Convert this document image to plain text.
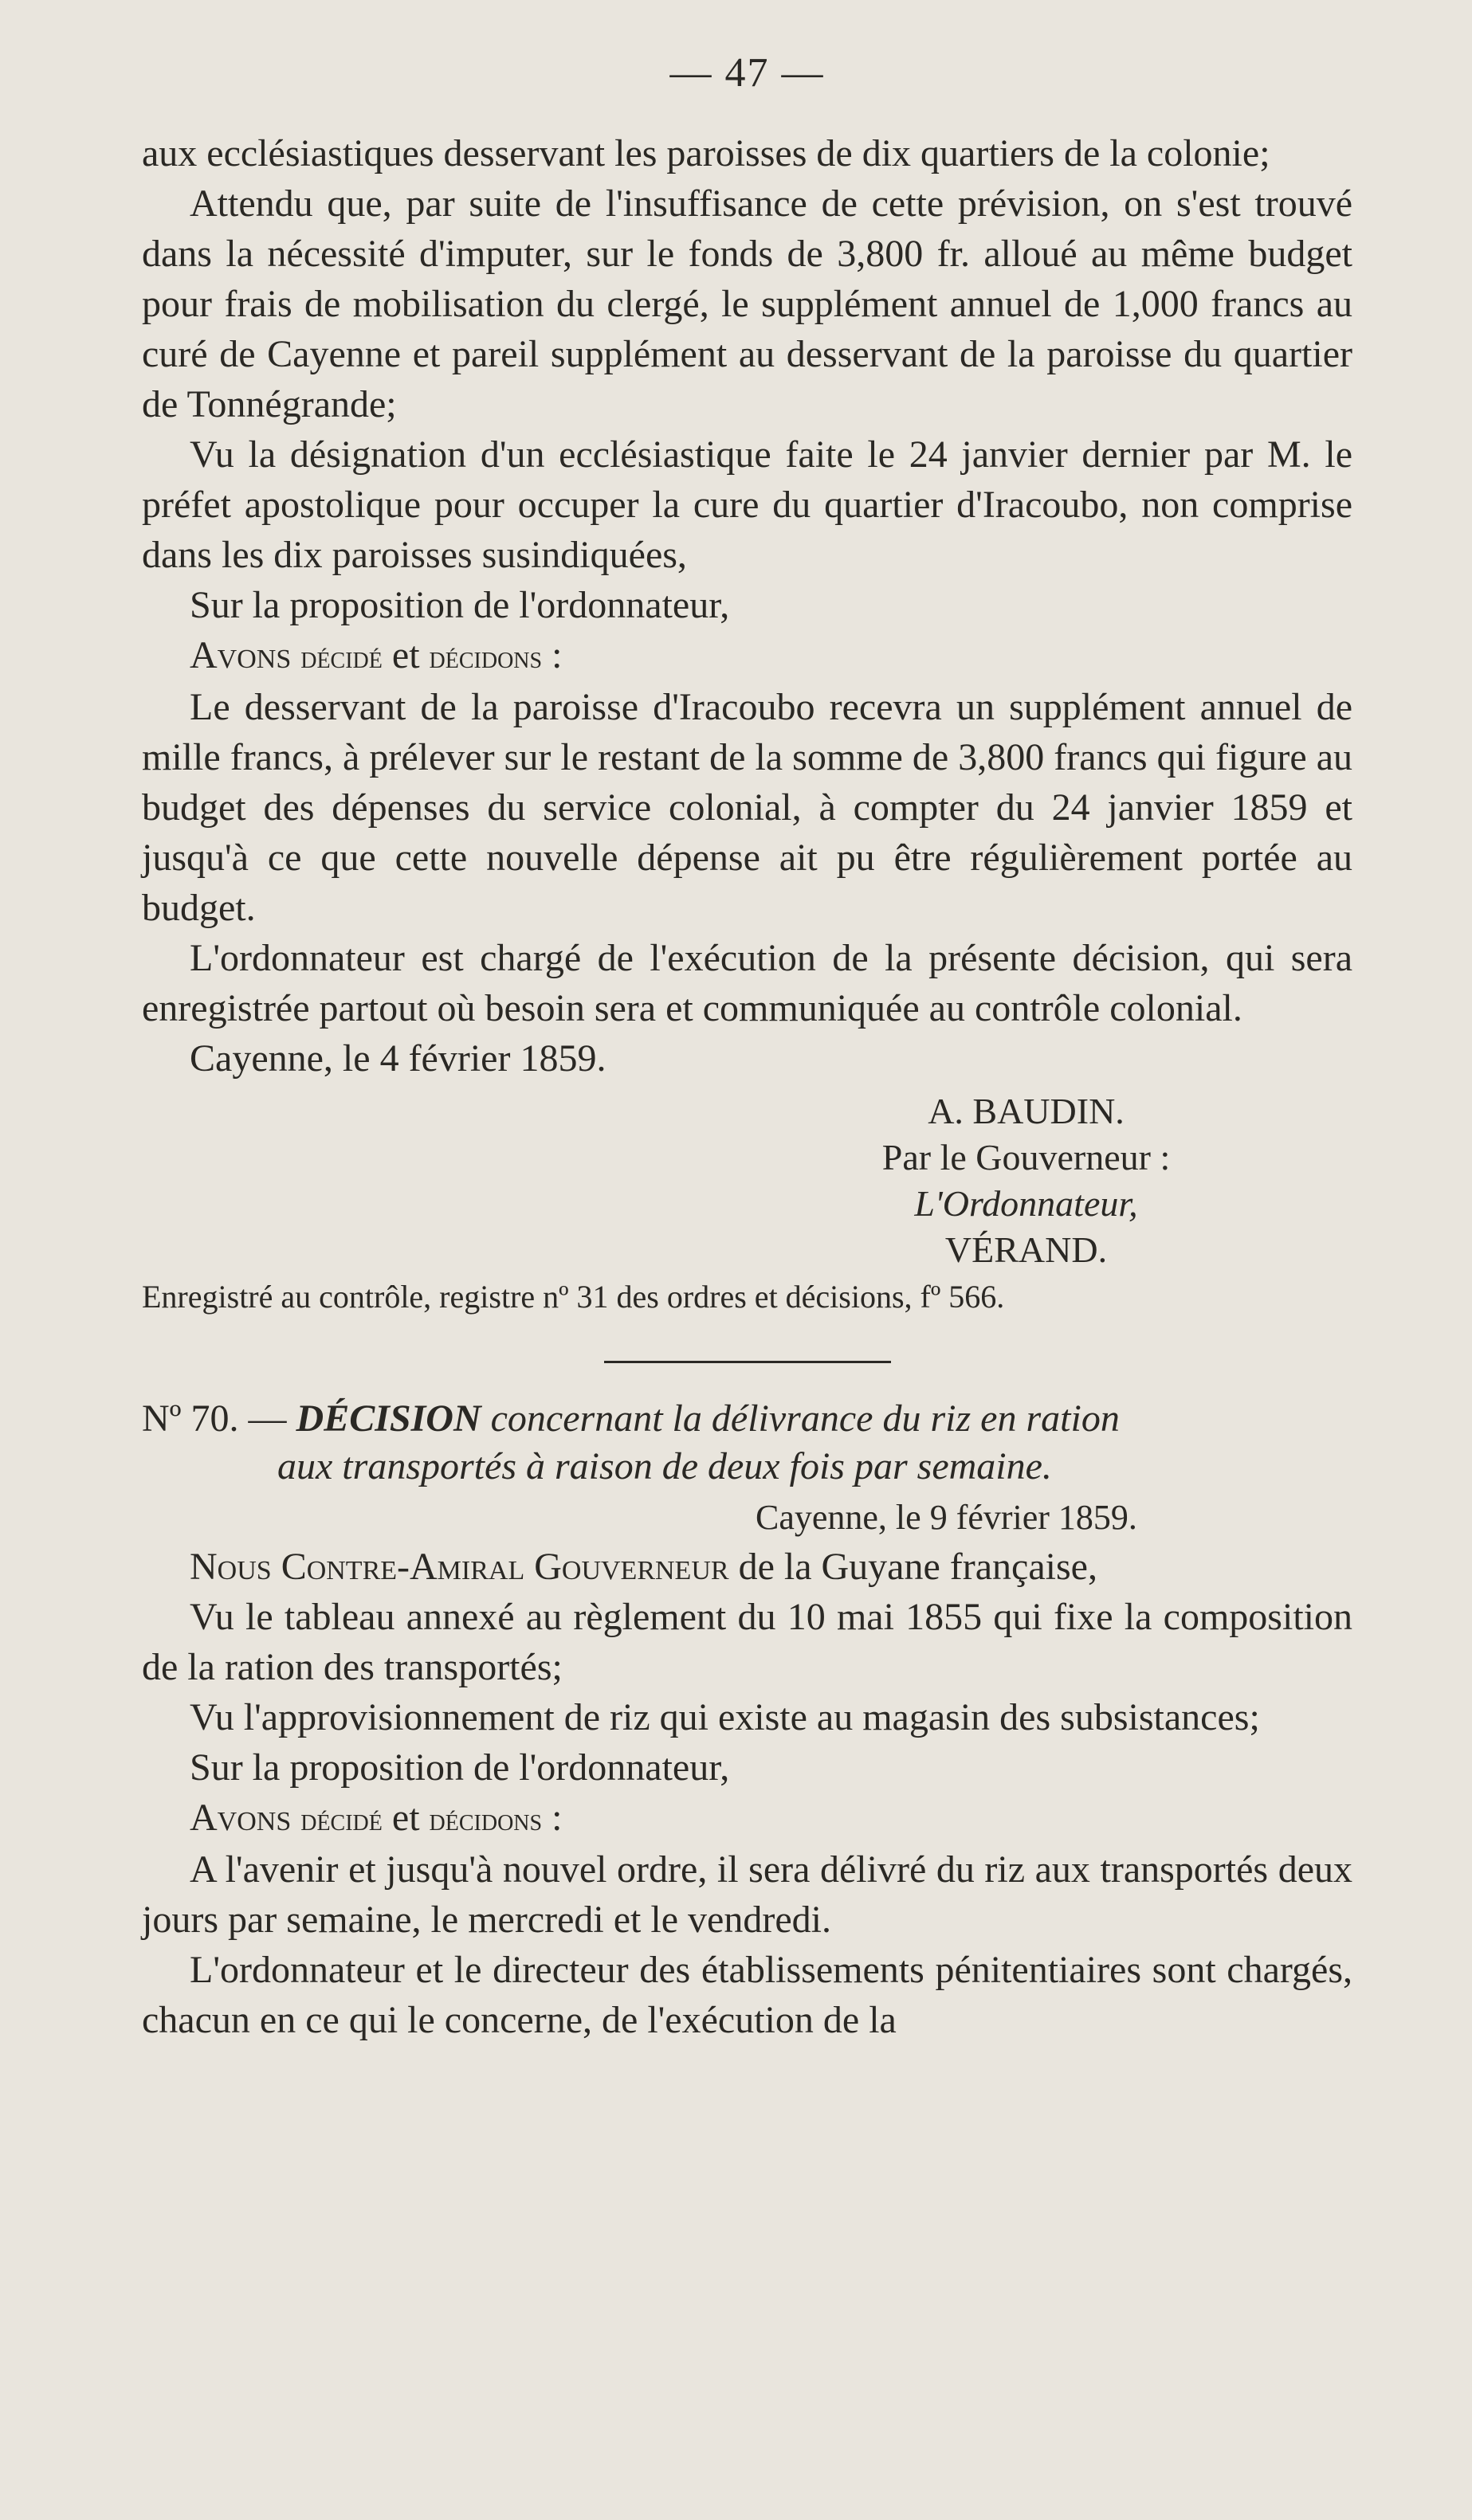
— 47 —

aux ecclésiastiques desservant les paroisses de dix quartiers de la colonie;

Attendu que, par suite de l'insuffisance de cette prévision, on s'est trouvé dans la nécessité d'imputer, sur le fonds de 3,800 fr. alloué au même budget pour frais de mobilisation du clergé, le supplément annuel de 1,000 francs au curé de Cayenne et pareil supplément au desservant de la paroisse du quartier de Tonnégrande;

Vu la désignation d'un ecclésiastique faite le 24 janvier dernier par M. le préfet apostolique pour occuper la cure du quartier d'Iracoubo, non comprise dans les dix paroisses susindiquées,

Sur la proposition de l'ordonnateur,

Avons décidé et décidons :

Le desservant de la paroisse d'Iracoubo recevra un supplément annuel de mille francs, à prélever sur le restant de la somme de 3,800 francs qui figure au budget des dépenses du service colonial, à compter du 24 janvier 1859 et jusqu'à ce que cette nouvelle dépense ait pu être régulièrement portée au budget.

L'ordonnateur est chargé de l'exécution de la présente décision, qui sera enregistrée partout où besoin sera et communiquée au contrôle colonial.

Cayenne, le 4 février 1859.

A. BAUDIN.
Par le Gouverneur :
L'Ordonnateur,
VÉRAND.
Enregistré au contrôle, registre nº 31 des ordres et décisions, fº 566.
Nº 70. — DÉCISION concernant la délivrance du riz en ration
aux transportés à raison de deux fois par semaine.
Cayenne, le 9 février 1859.

Nous Contre-Amiral Gouverneur de la Guyane française,

Vu le tableau annexé au règlement du 10 mai 1855 qui fixe la composition de la ration des transportés;

Vu l'approvisionnement de riz qui existe au magasin des subsistances;

Sur la proposition de l'ordonnateur,

Avons décidé et décidons :

A l'avenir et jusqu'à nouvel ordre, il sera délivré du riz aux transportés deux jours par semaine, le mercredi et le vendredi.

L'ordonnateur et le directeur des établissements pénitentiaires sont chargés, chacun en ce qui le concerne, de l'exécution de la
